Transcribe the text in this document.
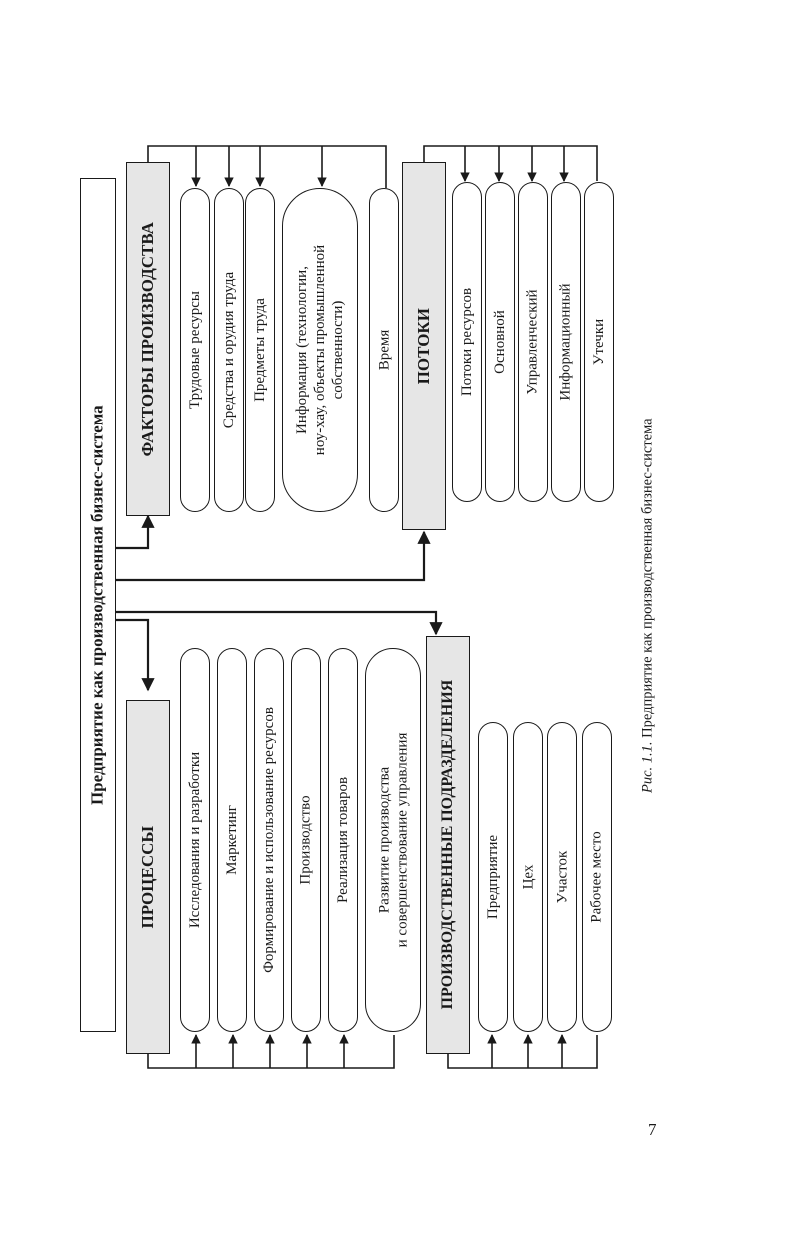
Предприятие как производственная бизнес-система
ПРОЦЕССЫ Исследования и разработки Маркетинг Формирование и использование ресурсов Производство Реализация товаров Развитие производства
и совершенствование управления
ФАКТОРЫ ПРОИЗВОДСТВА Трудовые ресурсы Средства и орудия труда Предметы труда Информация (технологии,
ноу-хау, объекты промышленной
собственности) Время
ПРОИЗВОДСТВЕННЫЕ ПОДРАЗДЕЛЕНИЯ Предприятие Цех Участок Рабочее место
ПОТОКИ Потоки ресурсов Основной Управленческий Информационный Утечки
Рис. 1.1. Предприятие как производственная бизнес-система
7
